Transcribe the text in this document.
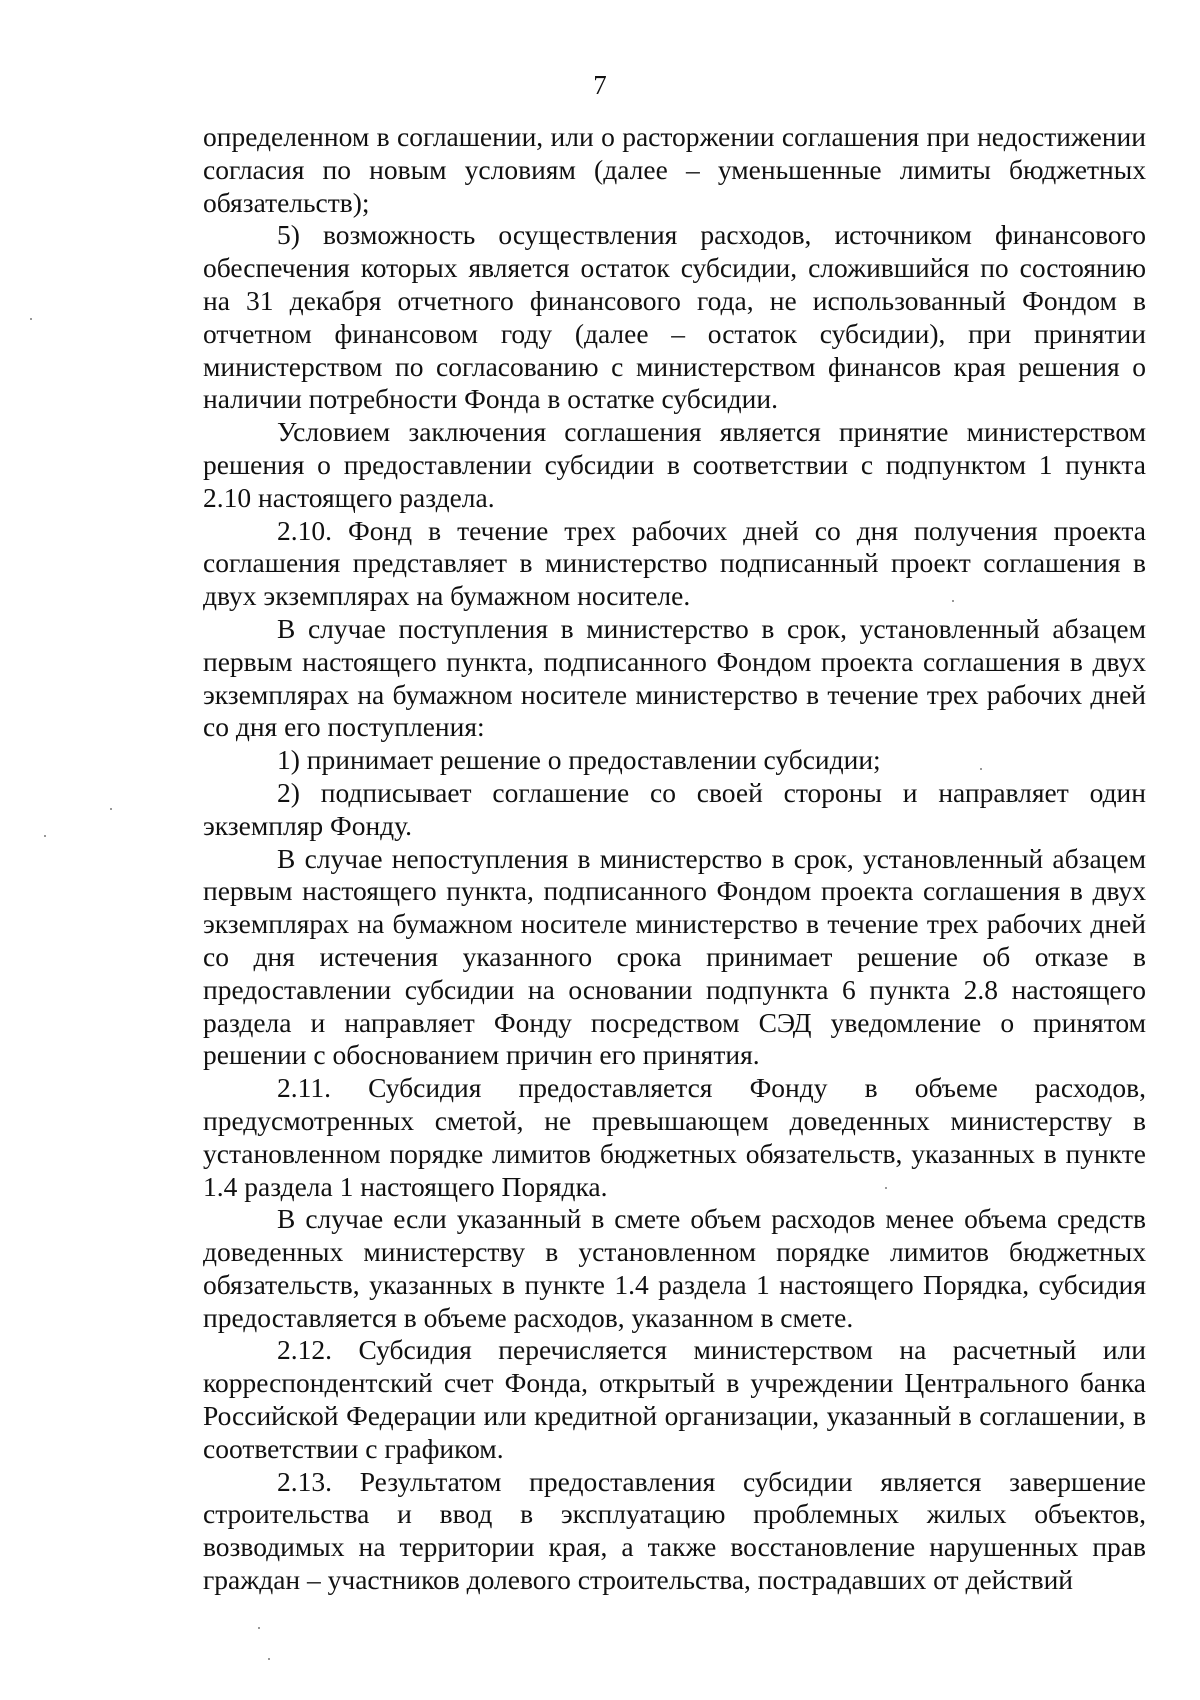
7

определенном в соглашении, или о расторжении соглашения при недостижении согласия по новым условиям (далее – уменьшенные лимиты бюджетных обязательств);

5) возможность осуществления расходов, источником финансового обеспечения которых является остаток субсидии, сложившийся по состоянию на 31 декабря отчетного финансового года, не использованный Фондом в отчетном финансовом году (далее – остаток субсидии), при принятии министерством по согласованию с министерством финансов края решения о наличии потребности Фонда в остатке субсидии.

Условием заключения соглашения является принятие министерством решения о предоставлении субсидии в соответствии с подпунктом 1 пункта 2.10 настоящего раздела.

2.10. Фонд в течение трех рабочих дней со дня получения проекта соглашения представляет в министерство подписанный проект соглашения в двух экземплярах на бумажном носителе.

В случае поступления в министерство в срок, установленный абзацем первым настоящего пункта, подписанного Фондом проекта соглашения в двух экземплярах на бумажном носителе министерство в течение трех рабочих дней со дня его поступления:

1) принимает решение о предоставлении субсидии;

2) подписывает соглашение со своей стороны и направляет один экземпляр Фонду.

В случае непоступления в министерство в срок, установленный абзацем первым настоящего пункта, подписанного Фондом проекта соглашения в двух экземплярах на бумажном носителе министерство в течение трех рабочих дней со дня истечения указанного срока принимает решение об отказе в предоставлении субсидии на основании подпункта 6 пункта 2.8 настоящего раздела и направляет Фонду посредством СЭД уведомление о принятом решении с обоснованием причин его принятия.

2.11. Субсидия предоставляется Фонду в объеме расходов, предусмотренных сметой, не превышающем доведенных министерству в установленном порядке лимитов бюджетных обязательств, указанных в пункте 1.4 раздела 1 настоящего Порядка.

В случае если указанный в смете объем расходов менее объема средств доведенных министерству в установленном порядке лимитов бюджетных обязательств, указанных в пункте 1.4 раздела 1 настоящего Порядка, субсидия предоставляется в объеме расходов, указанном в смете.

2.12. Субсидия перечисляется министерством на расчетный или корреспондентский счет Фонда, открытый в учреждении Центрального банка Российской Федерации или кредитной организации, указанный в соглашении, в соответствии с графиком.

2.13. Результатом предоставления субсидии является завершение строительства и ввод в эксплуатацию проблемных жилых объектов, возводимых на территории края, а также восстановление нарушенных прав граждан – участников долевого строительства, пострадавших от действий
